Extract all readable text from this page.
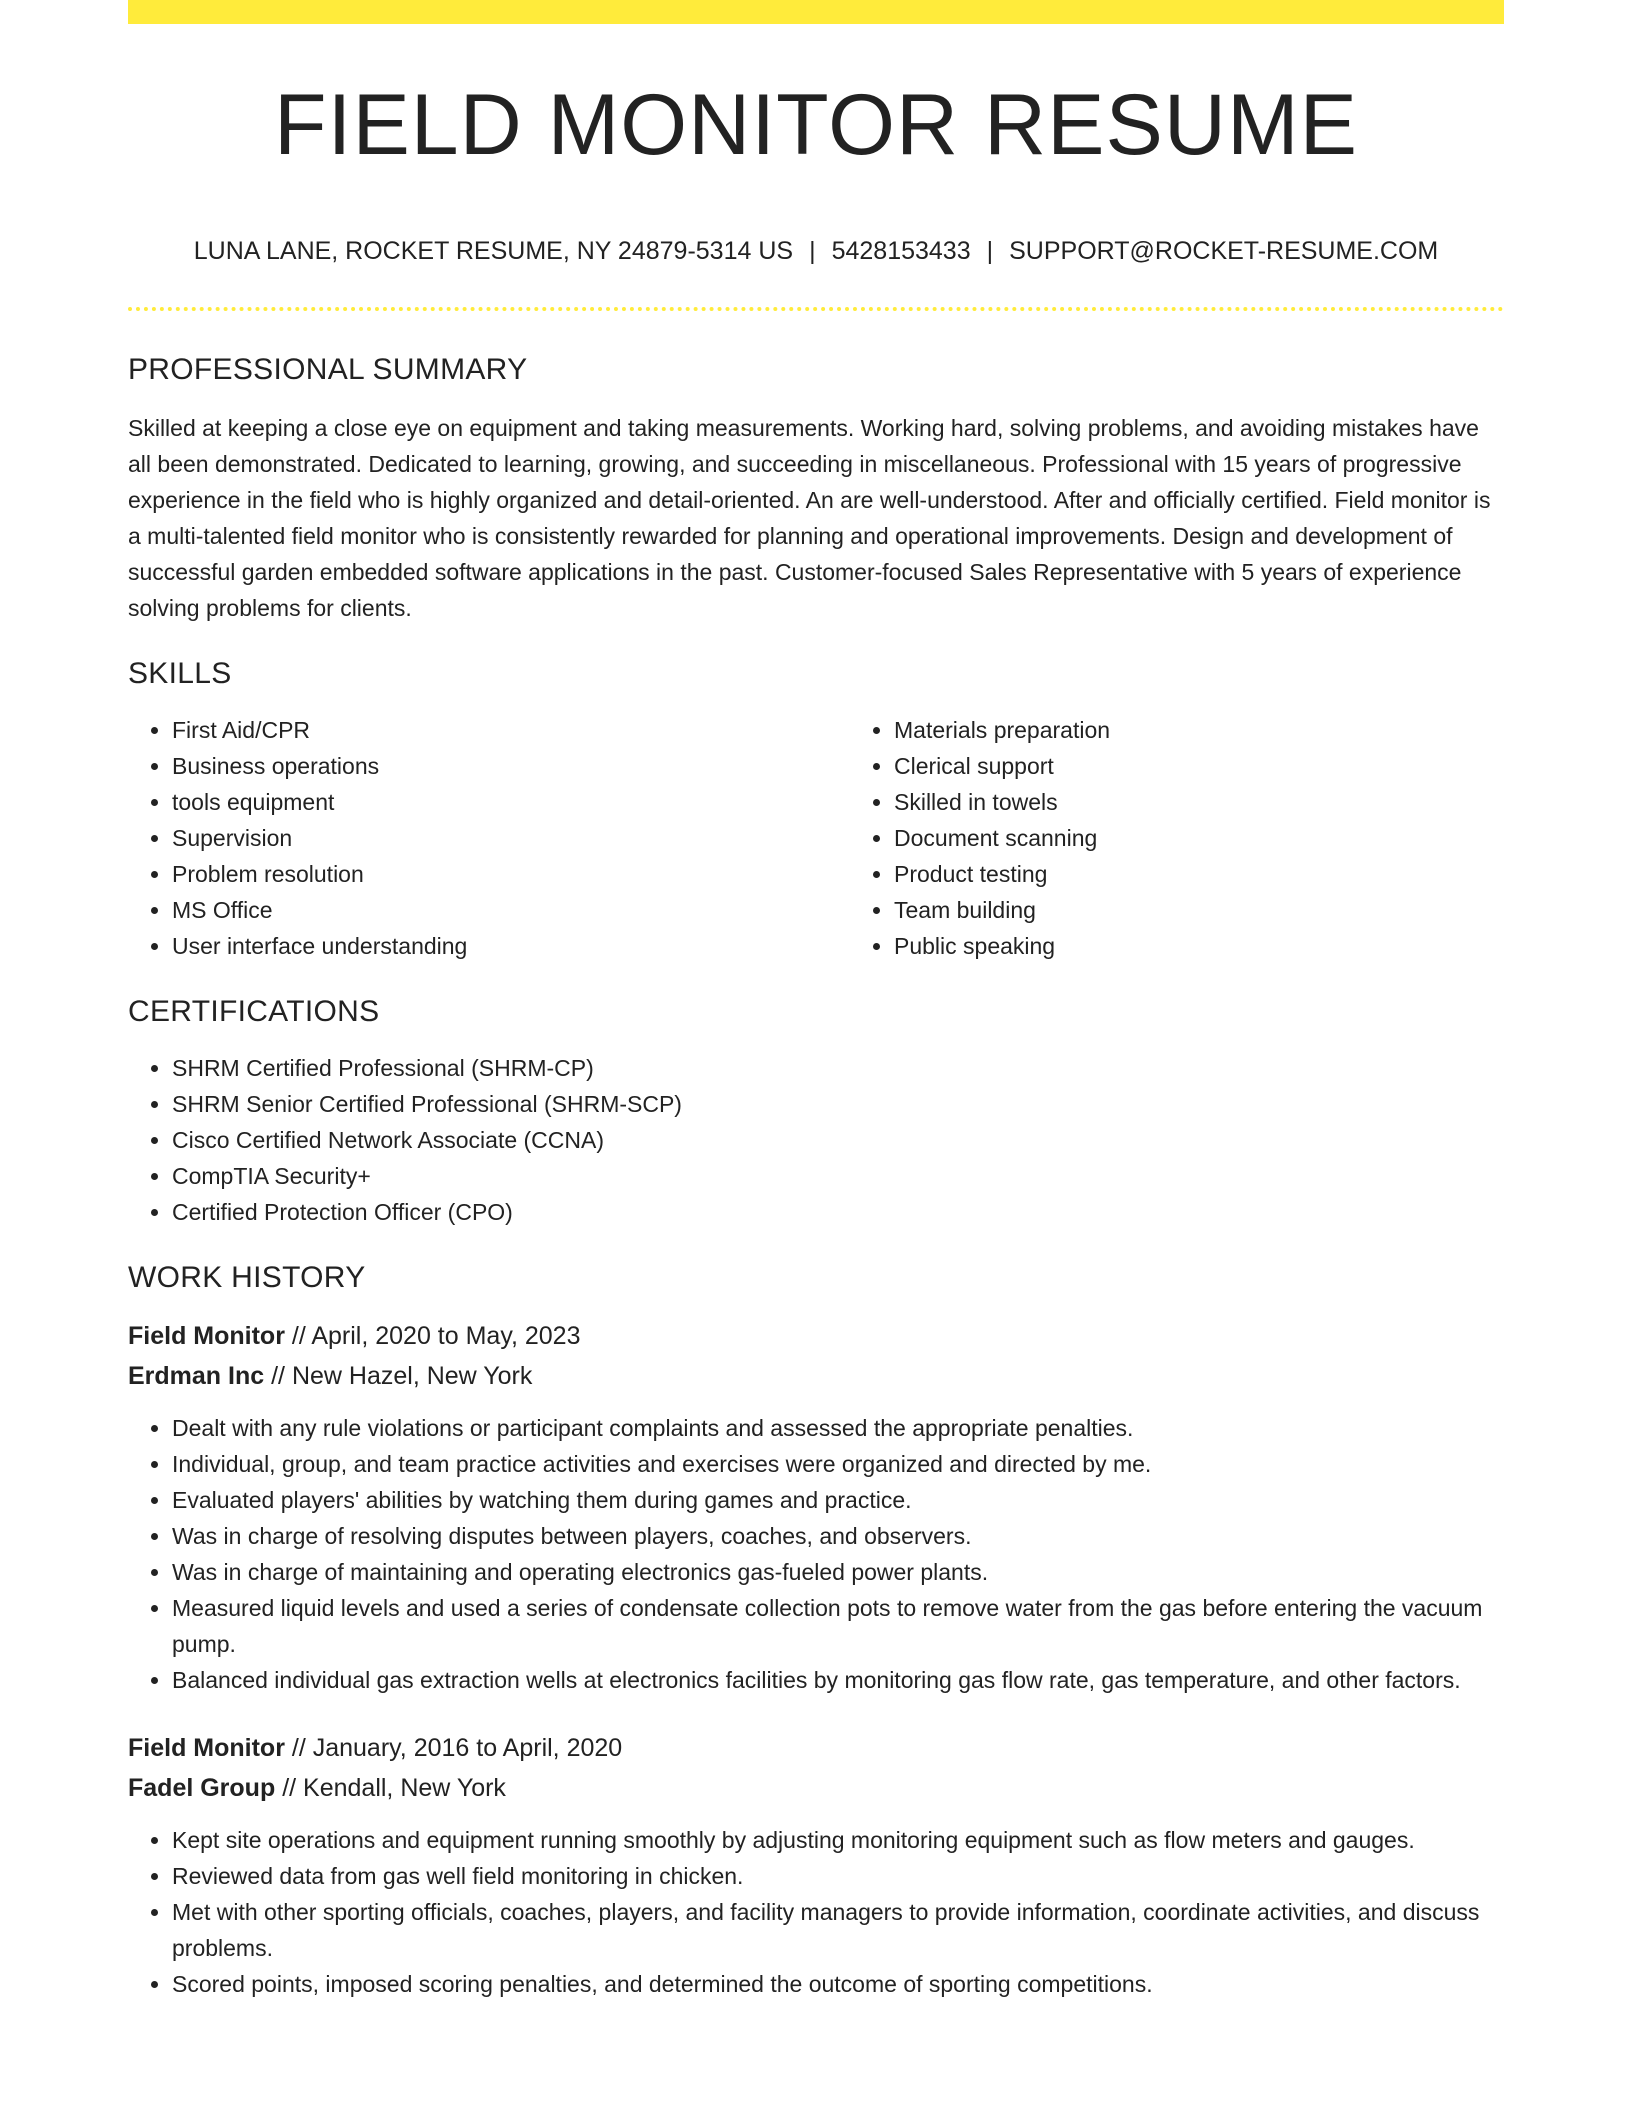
FIELD MONITOR RESUME
LUNA LANE, ROCKET RESUME, NY 24879-5314 US | 5428153433 | SUPPORT@ROCKET-RESUME.COM
PROFESSIONAL SUMMARY

Skilled at keeping a close eye on equipment and taking measurements. Working hard, solving problems, and avoiding mistakes have all been demonstrated. Dedicated to learning, growing, and succeeding in miscellaneous. Professional with 15 years of progressive experience in the field who is highly organized and detail-oriented. An are well-understood. After and officially certified. Field monitor is a multi-talented field monitor who is consistently rewarded for planning and operational improvements. Design and development of successful garden embedded software applications in the past. Customer-focused Sales Representative with 5 years of experience solving problems for clients.

SKILLS
• First Aid/CPR
• Business operations
• tools equipment
• Supervision
• Problem resolution
• MS Office
• User interface understanding
• Materials preparation
• Clerical support
• Skilled in towels
• Document scanning
• Product testing
• Team building
• Public speaking
CERTIFICATIONS
• SHRM Certified Professional (SHRM-CP)
• SHRM Senior Certified Professional (SHRM-SCP)
• Cisco Certified Network Associate (CCNA)
• CompTIA Security+
• Certified Protection Officer (CPO)
WORK HISTORY
Field Monitor // April, 2020 to May, 2023
Erdman Inc // New Hazel, New York
• Dealt with any rule violations or participant complaints and assessed the appropriate penalties.
• Individual, group, and team practice activities and exercises were organized and directed by me.
• Evaluated players' abilities by watching them during games and practice.
• Was in charge of resolving disputes between players, coaches, and observers.
• Was in charge of maintaining and operating electronics gas-fueled power plants.
• Measured liquid levels and used a series of condensate collection pots to remove water from the gas before entering the vacuum pump.
• Balanced individual gas extraction wells at electronics facilities by monitoring gas flow rate, gas temperature, and other factors.
Field Monitor // January, 2016 to April, 2020
Fadel Group // Kendall, New York
• Kept site operations and equipment running smoothly by adjusting monitoring equipment such as flow meters and gauges.
• Reviewed data from gas well field monitoring in chicken.
• Met with other sporting officials, coaches, players, and facility managers to provide information, coordinate activities, and discuss problems.
• Scored points, imposed scoring penalties, and determined the outcome of sporting competitions.
